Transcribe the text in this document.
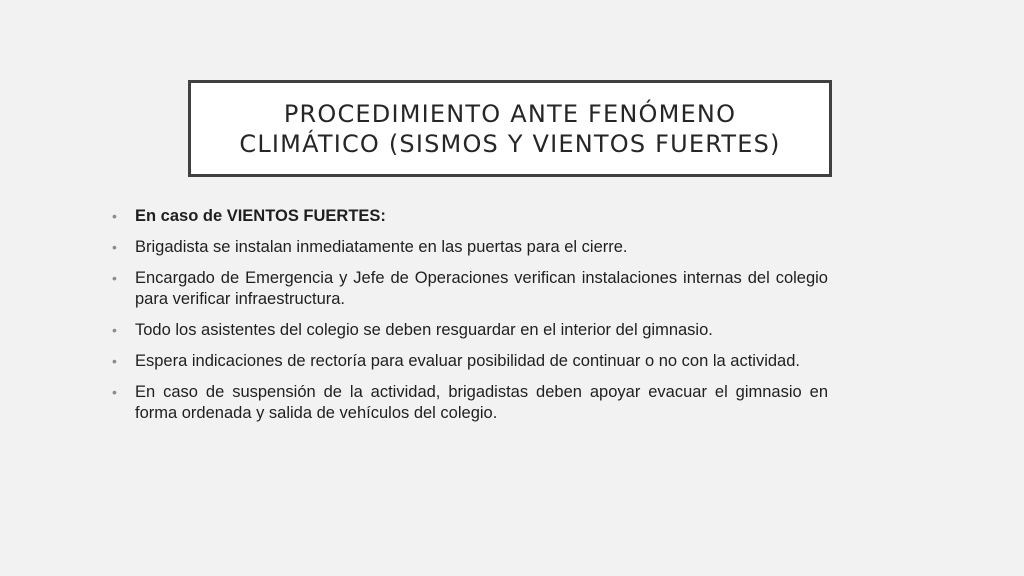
PROCEDIMIENTO ANTE FENÓMENO
CLIMÁTICO (SISMOS Y VIENTOS FUERTES)
•	En caso de VIENTOS FUERTES:
•	Brigadista se instalan inmediatamente en las puertas para el cierre.
•	Encargado de Emergencia y Jefe de Operaciones verifican instalaciones internas del colegio para verificar infraestructura.
•	Todo los asistentes del colegio se deben resguardar en el interior del gimnasio.
•	Espera indicaciones de rectoría para evaluar posibilidad de continuar o no con la actividad.
•	En caso de suspensión de la actividad, brigadistas deben apoyar evacuar el gimnasio en forma ordenada y salida de vehículos del colegio.
